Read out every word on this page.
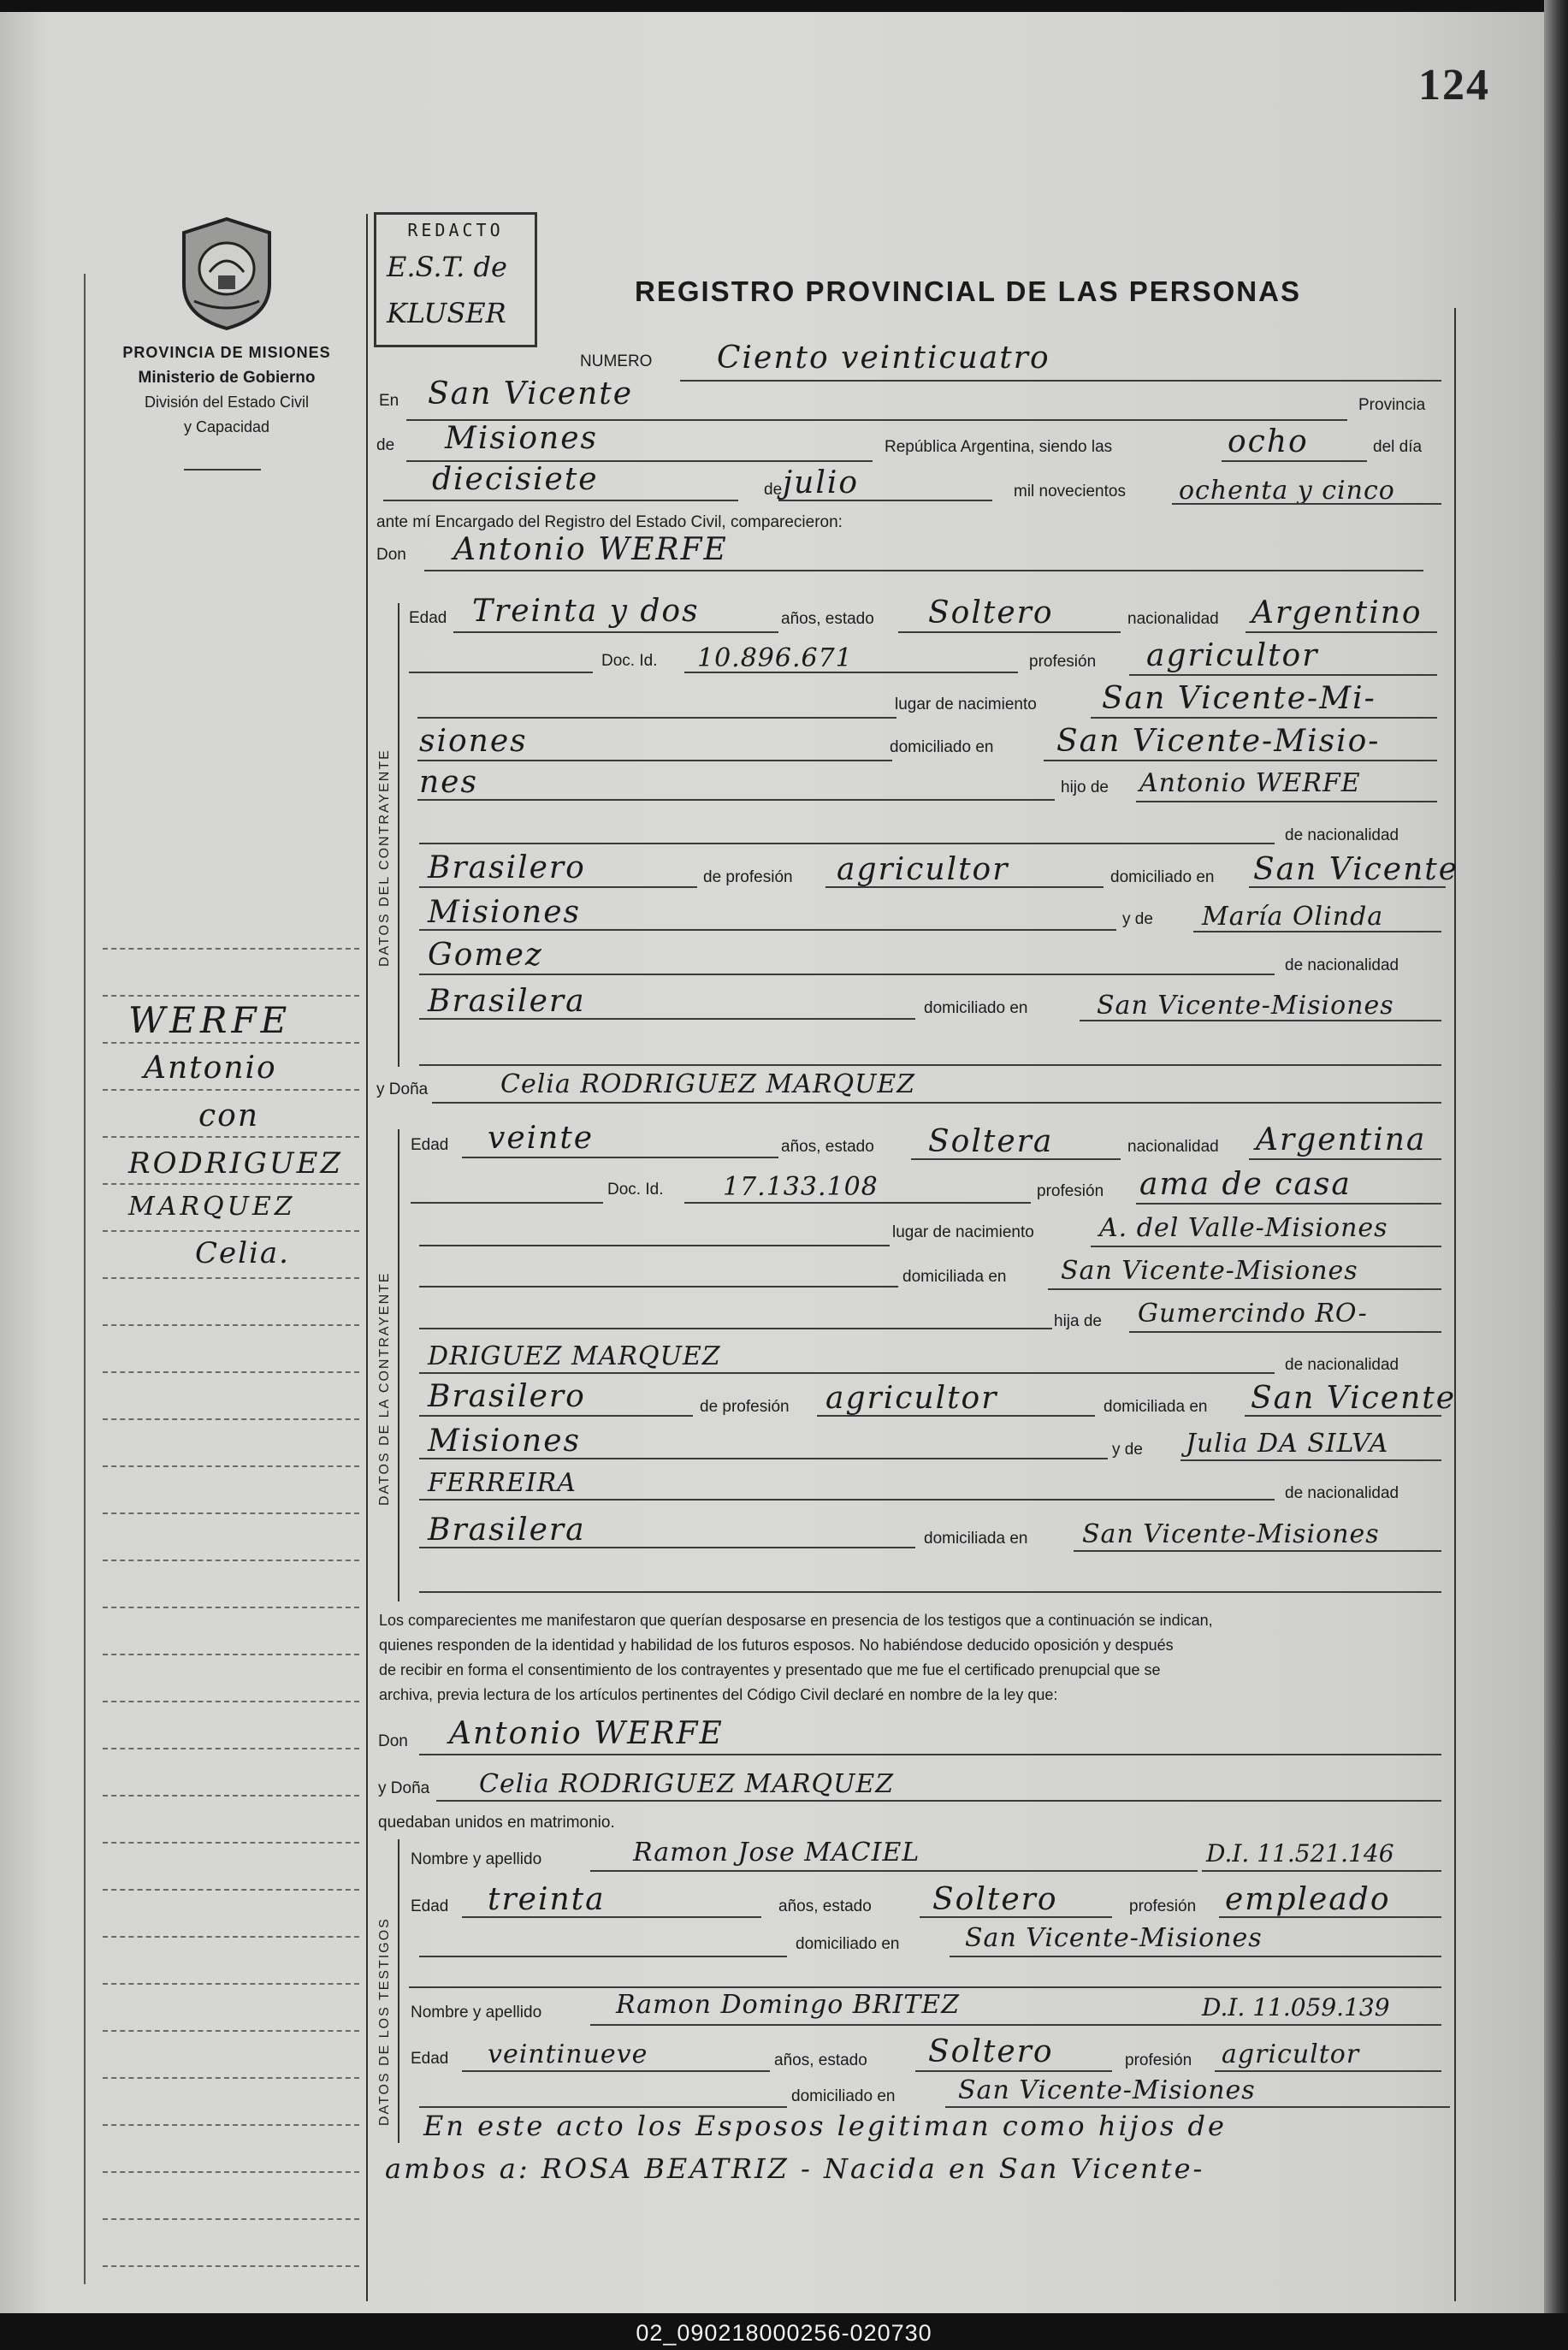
124
PROVINCIA DE MISIONES
Ministerio de Gobierno
División del Estado Civil
y Capacidad
REDACTO
E.S.T. de
KLUSER
REGISTRO PROVINCIAL DE LAS PERSONAS
WERFE
Antonio
con
RODRIGUEZ
MARQUEZ
Celia.
NUMERO Ciento veinticuatro
En San Vicente	Provincia
de Misiones	República Argentina, siendo las	ocho	del día
diecisiete	de julio	mil novecientos ochenta y cinco
ante mí Encargado del Registro del Estado Civil, comparecieron:
Don Antonio WERFE
DATOS DEL CONTRAYENTE
Edad Treinta y dos	años, estado Soltero	nacionalidad Argentino
Doc. Id. 10.896.671	profesión agricultor
lugar de nacimiento San Vicente-Mi-
siones	domiciliado en San Vicente-Misio-
nes	hijo de Antonio WERFE
de nacionalidad
Brasilero	de profesión agricultor	domiciliado en San Vicente
Misiones	y de María Olinda
Gomez	de nacionalidad
Brasilera	domiciliado en	San Vicente-Misiones
y Doña	Celia RODRIGUEZ MARQUEZ
DATOS DE LA CONTRAYENTE
Edad veinte	años, estado Soltera	nacionalidad Argentina
Doc. Id. 17.133.108	profesión ama de casa
lugar de nacimiento	A. del Valle-Misiones
domiciliada en San Vicente-Misiones
hija de Gumercindo RO-
DRIGUEZ MARQUEZ	de nacionalidad
Brasilero	de profesión agricultor	domiciliada en San Vicente
Misiones	y de Julia DA SILVA
FERREIRA	de nacionalidad
Brasilera	domiciliada en San Vicente-Misiones
Los comparecientes me manifestaron que querían desposarse en presencia de los testigos que a continuación se indican,
quienes responden de la identidad y habilidad de los futuros esposos. No habiéndose deducido oposición y después
de recibir en forma el consentimiento de los contrayentes y presentado que me fue el certificado prenupcial que se
archiva, previa lectura de los artículos pertinentes del Código Civil declaré en nombre de la ley que:
Don Antonio WERFE
y Doña Celia RODRIGUEZ MARQUEZ
quedaban unidos en matrimonio.
DATOS DE LOS TESTIGOS
Nombre y apellido	Ramon Jose MACIEL	D.I. 11.521.146
Edad treinta	años, estado Soltero	profesión empleado
domiciliado en	San Vicente-Misiones
Nombre y apellido	Ramon Domingo BRITEZ	D.I. 11.059.139
Edad veintinueve	años, estado Soltero	profesión agricultor
domiciliado en San Vicente-Misiones
En este acto los Esposos legitiman como hijos de
ambos a: ROSA BEATRIZ - Nacida en San Vicente-
02_090218000256-020730
